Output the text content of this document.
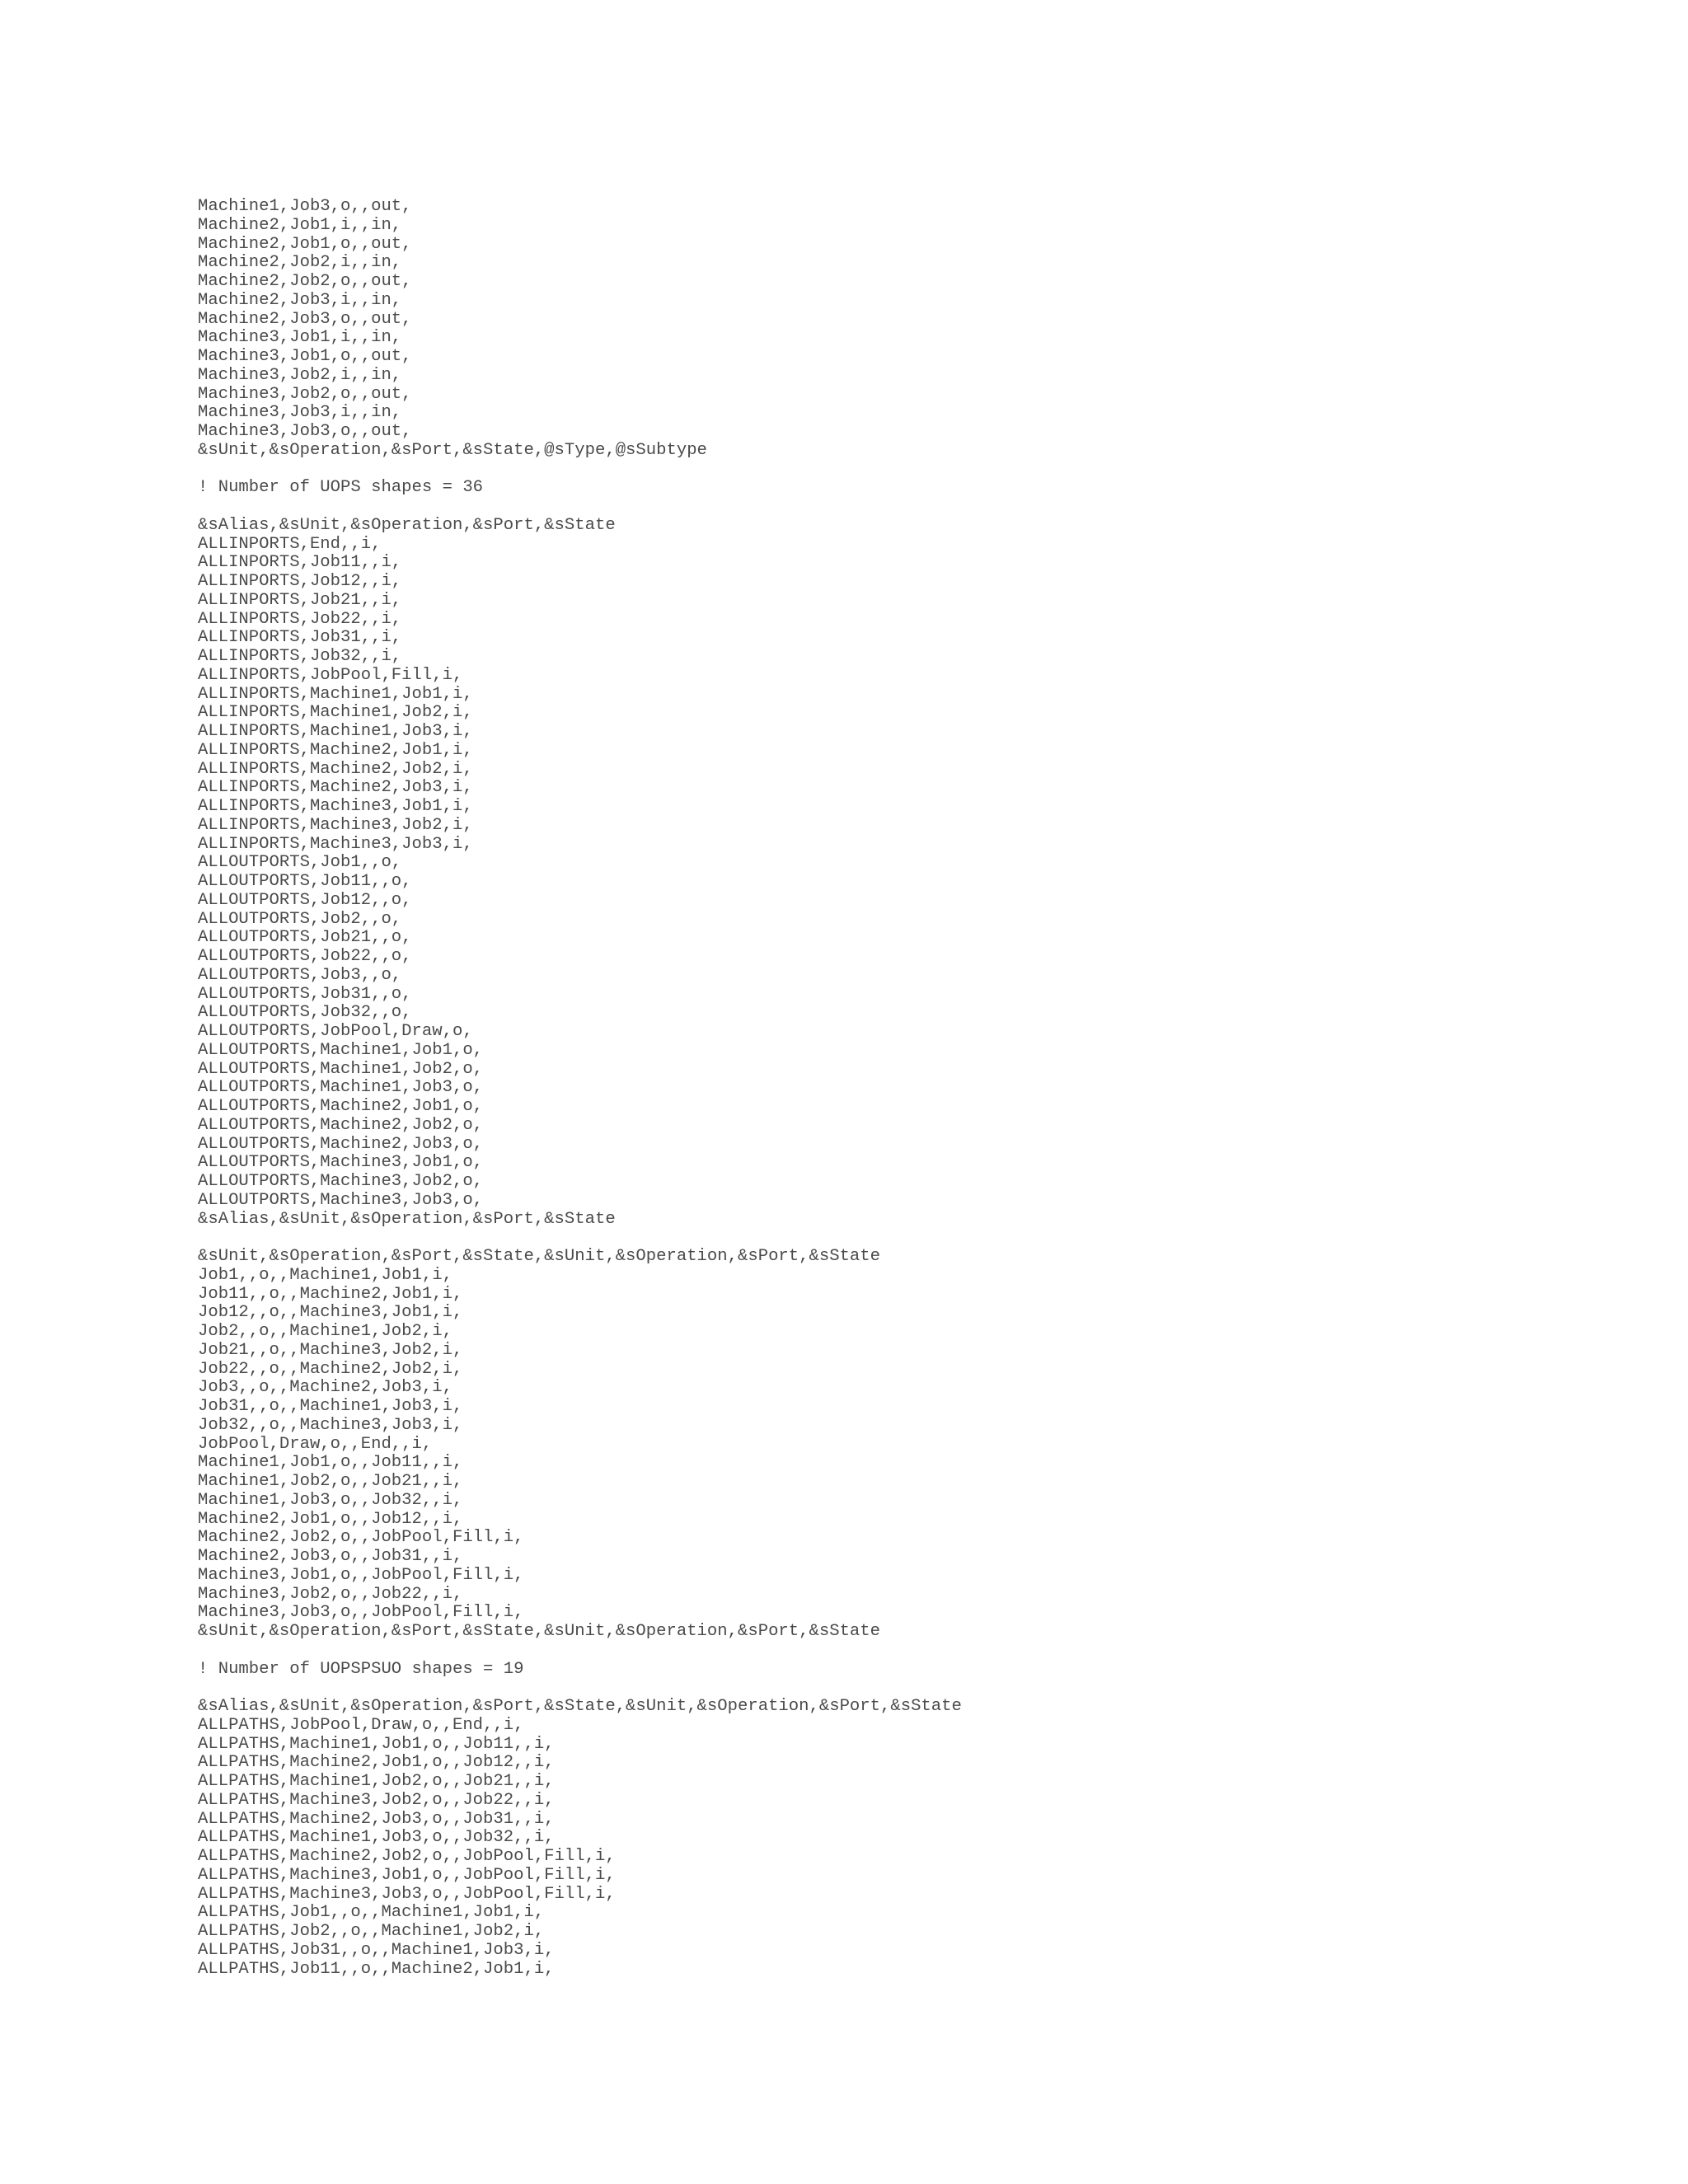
Machine1,Job3,o,,out,
Machine2,Job1,i,,in,
Machine2,Job1,o,,out,
Machine2,Job2,i,,in,
Machine2,Job2,o,,out,
Machine2,Job3,i,,in,
Machine2,Job3,o,,out,
Machine3,Job1,i,,in,
Machine3,Job1,o,,out,
Machine3,Job2,i,,in,
Machine3,Job2,o,,out,
Machine3,Job3,i,,in,
Machine3,Job3,o,,out,
&sUnit,&sOperation,&sPort,&sState,@sType,@sSubtype
! Number of UOPS shapes = 36
&sAlias,&sUnit,&sOperation,&sPort,&sState
ALLINPORTS,End,,i,
ALLINPORTS,Job11,,i,
ALLINPORTS,Job12,,i,
ALLINPORTS,Job21,,i,
ALLINPORTS,Job22,,i,
ALLINPORTS,Job31,,i,
ALLINPORTS,Job32,,i,
ALLINPORTS,JobPool,Fill,i,
ALLINPORTS,Machine1,Job1,i,
ALLINPORTS,Machine1,Job2,i,
ALLINPORTS,Machine1,Job3,i,
ALLINPORTS,Machine2,Job1,i,
ALLINPORTS,Machine2,Job2,i,
ALLINPORTS,Machine2,Job3,i,
ALLINPORTS,Machine3,Job1,i,
ALLINPORTS,Machine3,Job2,i,
ALLINPORTS,Machine3,Job3,i,
ALLOUTPORTS,Job1,,o,
ALLOUTPORTS,Job11,,o,
ALLOUTPORTS,Job12,,o,
ALLOUTPORTS,Job2,,o,
ALLOUTPORTS,Job21,,o,
ALLOUTPORTS,Job22,,o,
ALLOUTPORTS,Job3,,o,
ALLOUTPORTS,Job31,,o,
ALLOUTPORTS,Job32,,o,
ALLOUTPORTS,JobPool,Draw,o,
ALLOUTPORTS,Machine1,Job1,o,
ALLOUTPORTS,Machine1,Job2,o,
ALLOUTPORTS,Machine1,Job3,o,
ALLOUTPORTS,Machine2,Job1,o,
ALLOUTPORTS,Machine2,Job2,o,
ALLOUTPORTS,Machine2,Job3,o,
ALLOUTPORTS,Machine3,Job1,o,
ALLOUTPORTS,Machine3,Job2,o,
ALLOUTPORTS,Machine3,Job3,o,
&sAlias,&sUnit,&sOperation,&sPort,&sState
&sUnit,&sOperation,&sPort,&sState,&sUnit,&sOperation,&sPort,&sState
Job1,,o,,Machine1,Job1,i,
Job11,,o,,Machine2,Job1,i,
Job12,,o,,Machine3,Job1,i,
Job2,,o,,Machine1,Job2,i,
Job21,,o,,Machine3,Job2,i,
Job22,,o,,Machine2,Job2,i,
Job3,,o,,Machine2,Job3,i,
Job31,,o,,Machine1,Job3,i,
Job32,,o,,Machine3,Job3,i,
JobPool,Draw,o,,End,,i,
Machine1,Job1,o,,Job11,,i,
Machine1,Job2,o,,Job21,,i,
Machine1,Job3,o,,Job32,,i,
Machine2,Job1,o,,Job12,,i,
Machine2,Job2,o,,JobPool,Fill,i,
Machine2,Job3,o,,Job31,,i,
Machine3,Job1,o,,JobPool,Fill,i,
Machine3,Job2,o,,Job22,,i,
Machine3,Job3,o,,JobPool,Fill,i,
&sUnit,&sOperation,&sPort,&sState,&sUnit,&sOperation,&sPort,&sState
! Number of UOPSPSUO shapes = 19
&sAlias,&sUnit,&sOperation,&sPort,&sState,&sUnit,&sOperation,&sPort,&sState
ALLPATHS,JobPool,Draw,o,,End,,i,
ALLPATHS,Machine1,Job1,o,,Job11,,i,
ALLPATHS,Machine2,Job1,o,,Job12,,i,
ALLPATHS,Machine1,Job2,o,,Job21,,i,
ALLPATHS,Machine3,Job2,o,,Job22,,i,
ALLPATHS,Machine2,Job3,o,,Job31,,i,
ALLPATHS,Machine1,Job3,o,,Job32,,i,
ALLPATHS,Machine2,Job2,o,,JobPool,Fill,i,
ALLPATHS,Machine3,Job1,o,,JobPool,Fill,i,
ALLPATHS,Machine3,Job3,o,,JobPool,Fill,i,
ALLPATHS,Job1,,o,,Machine1,Job1,i,
ALLPATHS,Job2,,o,,Machine1,Job2,i,
ALLPATHS,Job31,,o,,Machine1,Job3,i,
ALLPATHS,Job11,,o,,Machine2,Job1,i,
